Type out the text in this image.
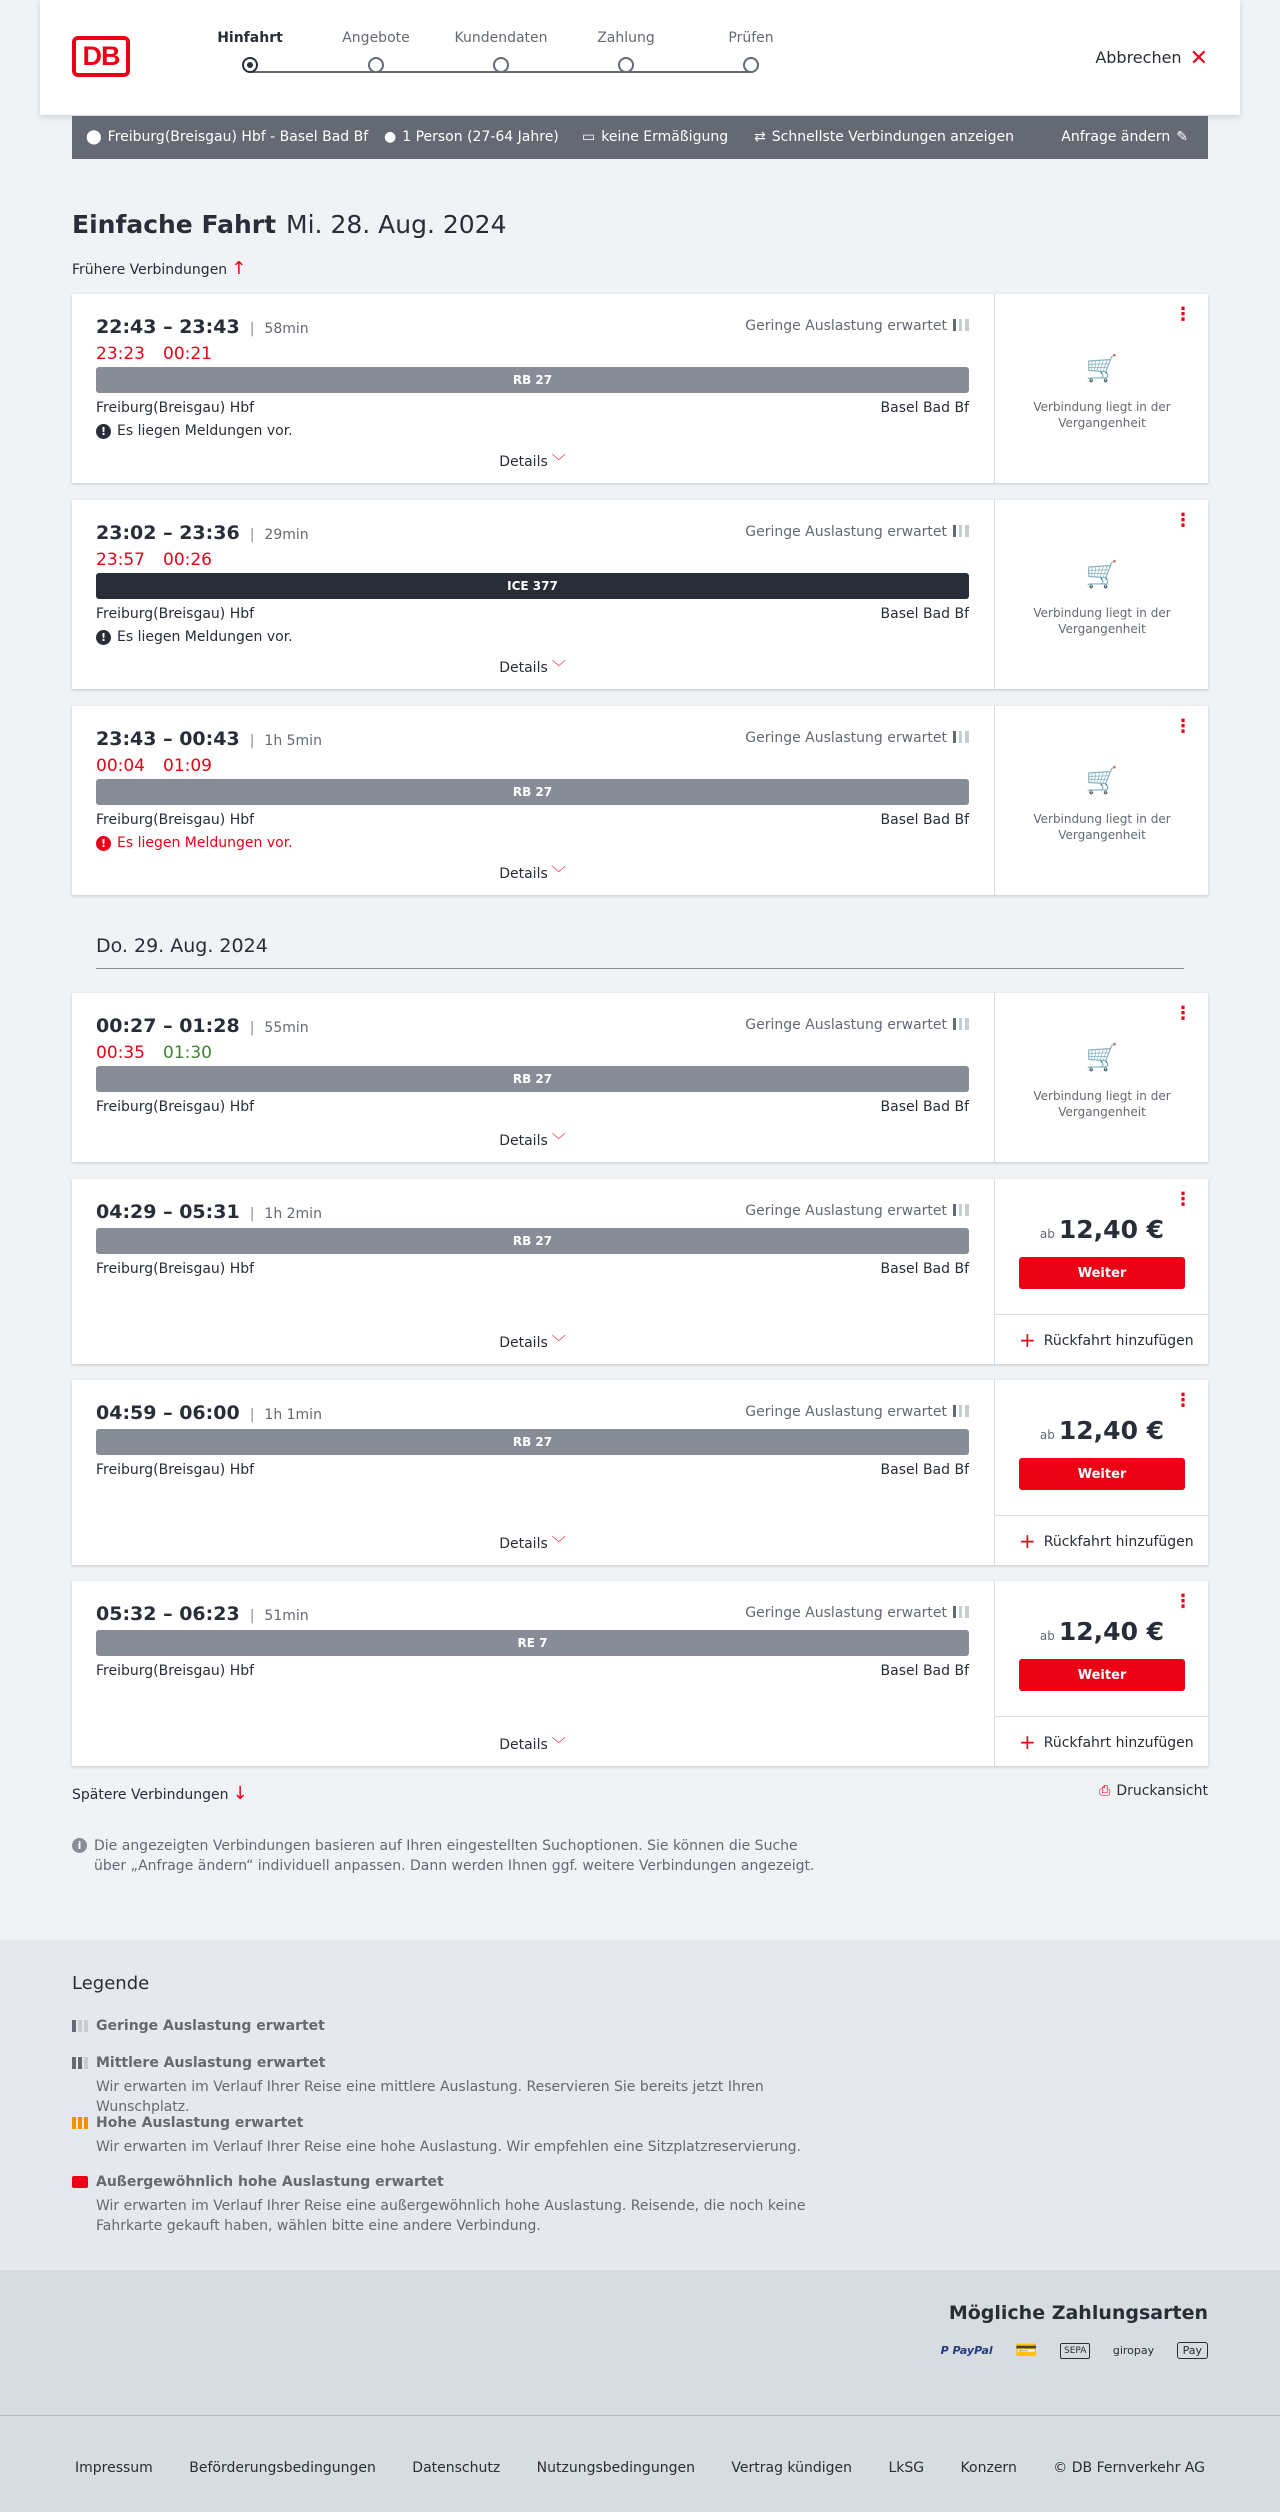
DB
Hinfahrt	Angebote	Kundendaten	Zahlung	Prüfen
Abbrechen ✕
⬤ Freiburg(Breisgau) Hbf - Basel Bad Bf ● 1 Person (27-64 Jahre) ▭ keine Ermäßigung ⇄ Schnellste Verbindungen anzeigen	Anfrage ändern ✎
Einfache Fahrt Mi. 28. Aug. 2024
Frühere Verbindungen ↑
22:43 – 23:43 | 58min	Geringe Auslastung erwartet
23:23 00:21
RB 27
Freiburg(Breisgau) Hbf	Basel Bad Bf
! Es liegen Meldungen vor.
Details ﹀
⋮
🛒
Verbindung liegt in der Vergangenheit
23:02 – 23:36 | 29min	Geringe Auslastung erwartet
23:57 00:26
ICE 377
Freiburg(Breisgau) Hbf	Basel Bad Bf
! Es liegen Meldungen vor.
Details ﹀
⋮
🛒
Verbindung liegt in der Vergangenheit
23:43 – 00:43 | 1h 5min	Geringe Auslastung erwartet
00:04 01:09
RB 27
Freiburg(Breisgau) Hbf	Basel Bad Bf
! Es liegen Meldungen vor.
Details ﹀
⋮
🛒
Verbindung liegt in der Vergangenheit
Do. 29. Aug. 2024
00:27 – 01:28 | 55min	Geringe Auslastung erwartet
00:35 01:30
RB 27
Freiburg(Breisgau) Hbf	Basel Bad Bf
Details ﹀
⋮
🛒
Verbindung liegt in der Vergangenheit
04:29 – 05:31 | 1h 2min	Geringe Auslastung erwartet
RB 27
Freiburg(Breisgau) Hbf	Basel Bad Bf
Details ﹀
⋮
ab 12,40 €
Weiter
+ Rückfahrt hinzufügen
04:59 – 06:00 | 1h 1min	Geringe Auslastung erwartet
RB 27
Freiburg(Breisgau) Hbf	Basel Bad Bf
Details ﹀
⋮
ab 12,40 €
Weiter
+ Rückfahrt hinzufügen
05:32 – 06:23 | 51min	Geringe Auslastung erwartet
RE 7
Freiburg(Breisgau) Hbf	Basel Bad Bf
Details ﹀
⋮
ab 12,40 €
Weiter
+ Rückfahrt hinzufügen
Spätere Verbindungen ↓	⎙ Druckansicht
i Die angezeigten Verbindungen basieren auf Ihren eingestellten Suchoptionen. Sie können die Suche über „Anfrage ändern“ individuell anpassen. Dann werden Ihnen ggf. weitere Verbindungen angezeigt.
Legende
Geringe Auslastung erwartet
Mittlere Auslastung erwartet

Wir erwarten im Verlauf Ihrer Reise eine mittlere Auslastung. Reservieren Sie bereits jetzt Ihren Wunschplatz.

Hohe Auslastung erwartet

Wir erwarten im Verlauf Ihrer Reise eine hohe Auslastung. Wir empfehlen eine Sitzplatzreservierung.

Außergewöhnlich hohe Auslastung erwartet

Wir erwarten im Verlauf Ihrer Reise eine außergewöhnlich hohe Auslastung. Reisende, die noch keine Fahrkarte gekauft haben, wählen bitte eine andere Verbindung.

Mögliche Zahlungsarten
P PayPal 💳	SEPA giropay	Pay
Impressum	Beförderungsbedingungen	Datenschutz	Nutzungsbedingungen	Vertrag kündigen	LkSG	Konzern	© DB Fernverkehr AG
